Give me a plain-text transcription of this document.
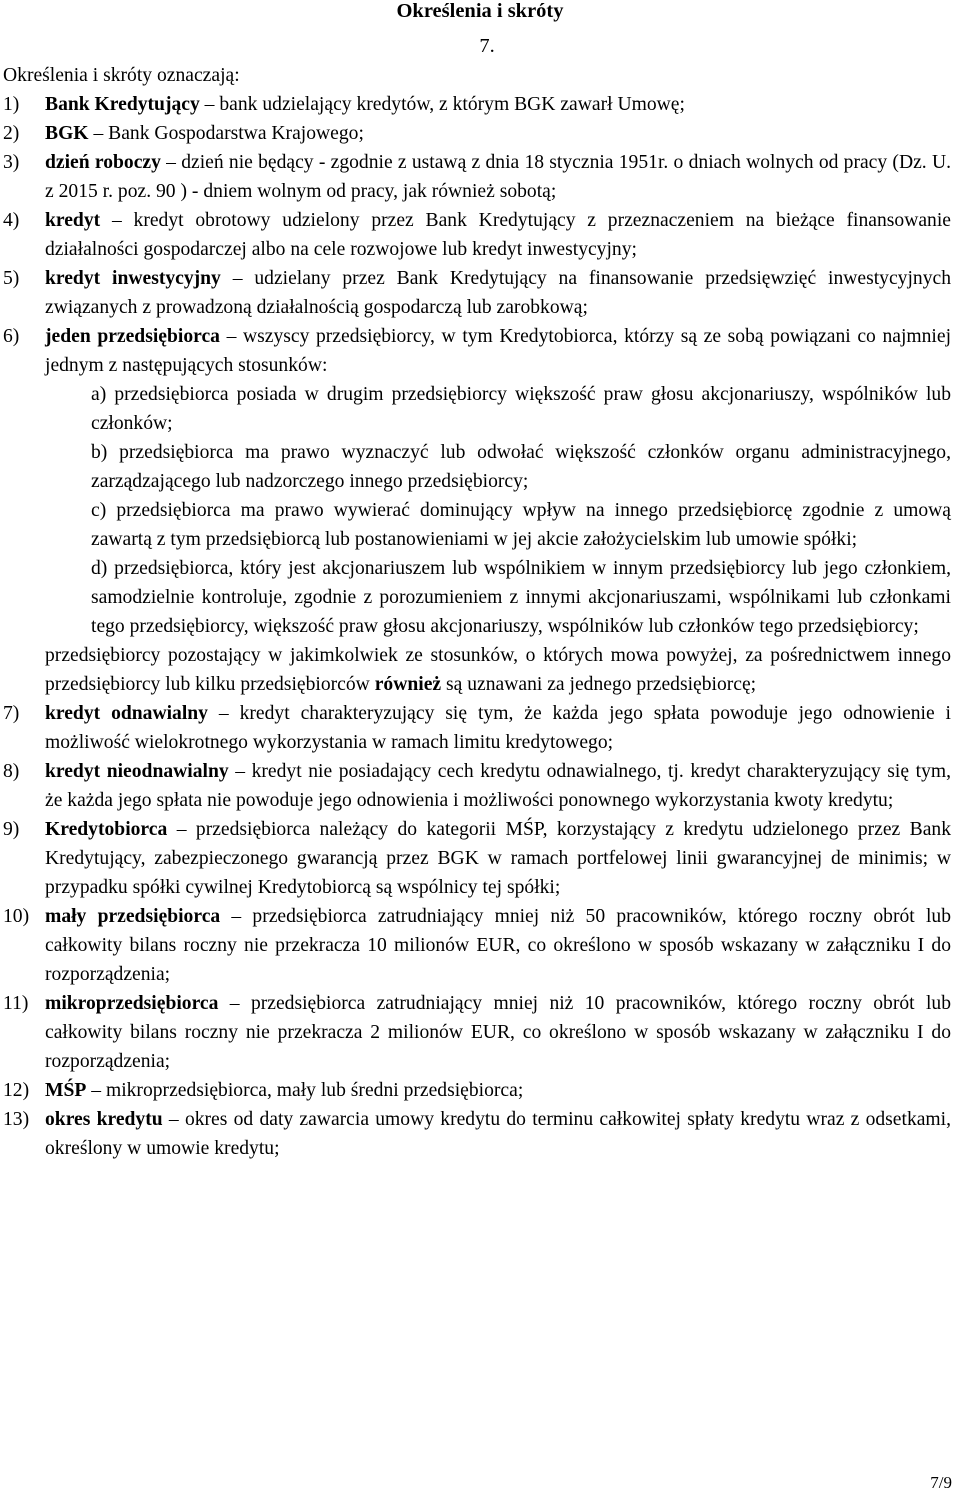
Określenia i skróty

7.

Określenia i skróty oznaczają:

1)	Bank Kredytujący – bank udzielający kredytów, z którym BGK zawarł Umowę;
2)	BGK – Bank Gospodarstwa Krajowego;
3)	dzień roboczy – dzień nie będący - zgodnie z ustawą z dnia 18 stycznia 1951r. o dniach wolnych od pracy (Dz. U. z 2015 r. poz. 90 ) - dniem wolnym od pracy, jak również sobotą;
4)	kredyt – kredyt obrotowy udzielony przez Bank Kredytujący z przeznaczeniem na bieżące finansowanie działalności gospodarczej albo na cele rozwojowe lub kredyt inwestycyjny;
5)	kredyt inwestycyjny – udzielany przez Bank Kredytujący na finansowanie przedsięwzięć inwestycyjnych związanych z prowadzoną działalnością gospodarczą lub zarobkową;
6)	jeden przedsiębiorca – wszyscy przedsiębiorcy, w tym Kredytobiorca, którzy są ze sobą powiązani co najmniej jednym z następujących stosunków:
a) przedsiębiorca posiada w drugim przedsiębiorcy większość praw głosu akcjonariuszy, wspólników lub członków;
b) przedsiębiorca ma prawo wyznaczyć lub odwołać większość członków organu administracyjnego, zarządzającego lub nadzorczego innego przedsiębiorcy;
c) przedsiębiorca ma prawo wywierać dominujący wpływ na innego przedsiębiorcę zgodnie z umową zawartą z tym przedsiębiorcą lub postanowieniami w jej akcie założycielskim lub umowie spółki;
d) przedsiębiorca, który jest akcjonariuszem lub wspólnikiem w innym przedsiębiorcy lub jego członkiem, samodzielnie kontroluje, zgodnie z porozumieniem z innymi akcjonariuszami, wspólnikami lub członkami tego przedsiębiorcy, większość praw głosu akcjonariuszy, wspólników lub członków tego przedsiębiorcy;
przedsiębiorcy pozostający w jakimkolwiek ze stosunków, o których mowa powyżej, za pośrednictwem innego przedsiębiorcy lub kilku przedsiębiorców również są uznawani za jednego przedsiębiorcę;
7)	kredyt odnawialny – kredyt charakteryzujący się tym, że każda jego spłata powoduje jego odnowienie i możliwość wielokrotnego wykorzystania w ramach limitu kredytowego;
8)	kredyt nieodnawialny – kredyt nie posiadający cech kredytu odnawialnego, tj. kredyt charakteryzujący się tym, że każda jego spłata nie powoduje jego odnowienia i możliwości ponownego wykorzystania kwoty kredytu;
9)	Kredytobiorca – przedsiębiorca należący do kategorii MŚP, korzystający z kredytu udzielonego przez Bank Kredytujący, zabezpieczonego gwarancją przez BGK w ramach portfelowej linii gwarancyjnej de minimis; w przypadku spółki cywilnej Kredytobiorcą są wspólnicy tej spółki;
10) mały przedsiębiorca – przedsiębiorca zatrudniający mniej niż 50 pracowników, którego roczny obrót lub całkowity bilans roczny nie przekracza 10 milionów EUR, co określono w sposób wskazany w załączniku I do rozporządzenia;
11) mikroprzedsiębiorca – przedsiębiorca zatrudniający mniej niż 10 pracowników, którego roczny obrót lub całkowity bilans roczny nie przekracza 2 milionów EUR, co określono w sposób wskazany w załączniku I do rozporządzenia;
12) MŚP – mikroprzedsiębiorca, mały lub średni przedsiębiorca;
13) okres kredytu – okres od daty zawarcia umowy kredytu do terminu całkowitej spłaty kredytu wraz z odsetkami, określony w umowie kredytu;
7/9
